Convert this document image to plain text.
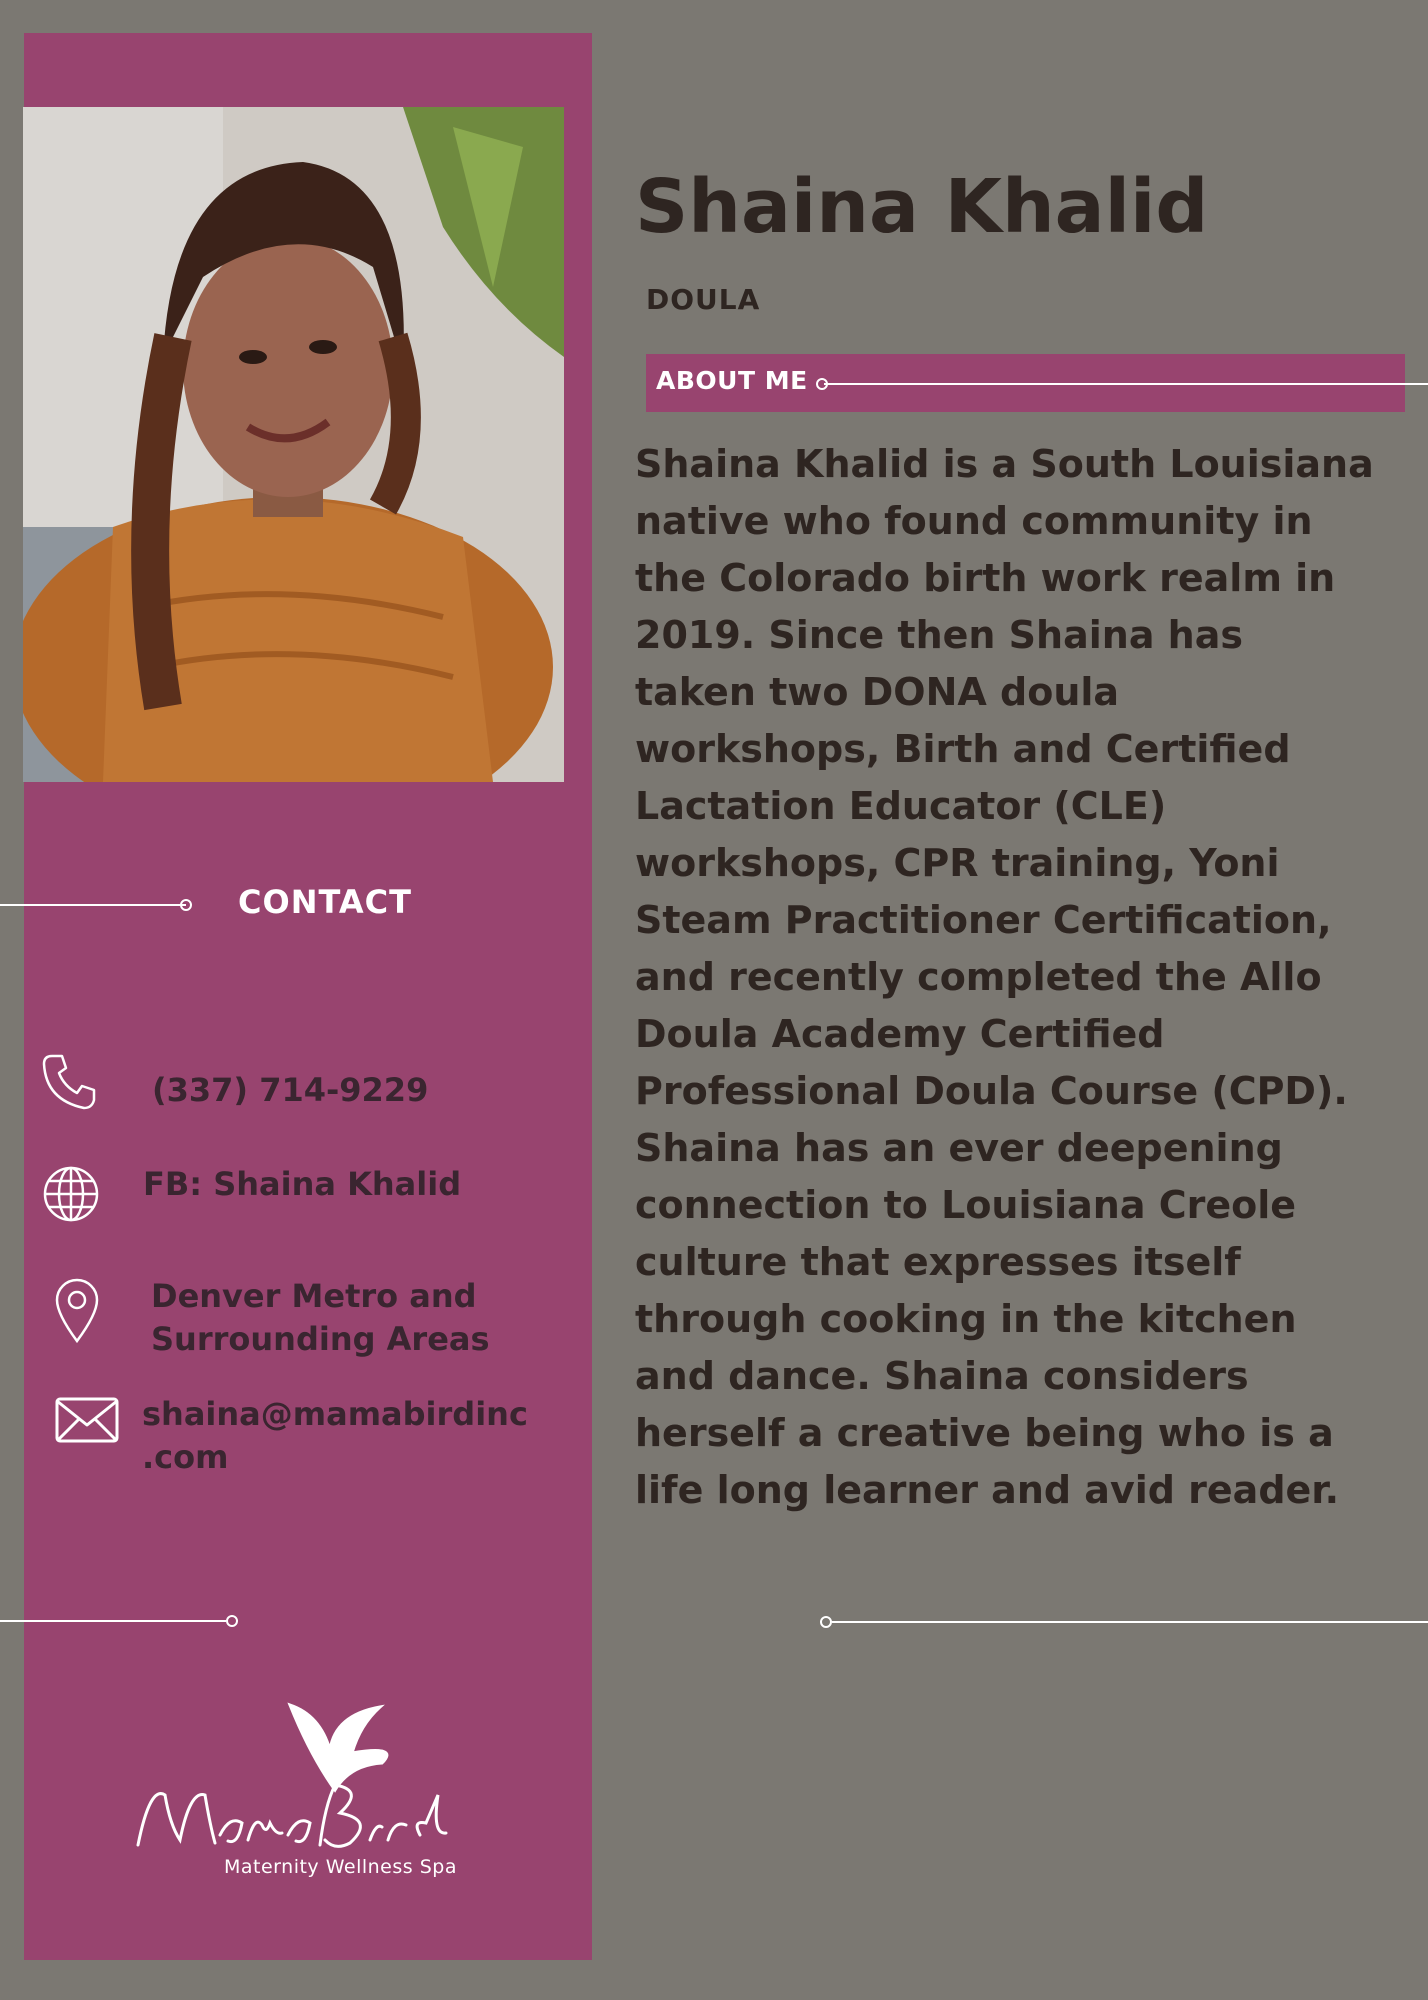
CONTACT
(337) 714-9229
FB: Shaina Khalid
Denver Metro and
Surrounding Areas
shaina@mamabirdinc
.com
Maternity Wellness Spa
Shaina Khalid
DOULA
ABOUT ME
Shaina Khalid is a South Louisiana
native who found community in
the Colorado birth work realm in
2019. Since then Shaina has
taken two DONA doula
workshops, Birth and Certified
Lactation Educator (CLE)
workshops, CPR training, Yoni
Steam Practitioner Certification,
and recently completed the Allo
Doula Academy Certified
Professional Doula Course (CPD).
Shaina has an ever deepening
connection to Louisiana Creole
culture that expresses itself
through cooking in the kitchen
and dance. Shaina considers
herself a creative being who is a
life long learner and avid reader.
